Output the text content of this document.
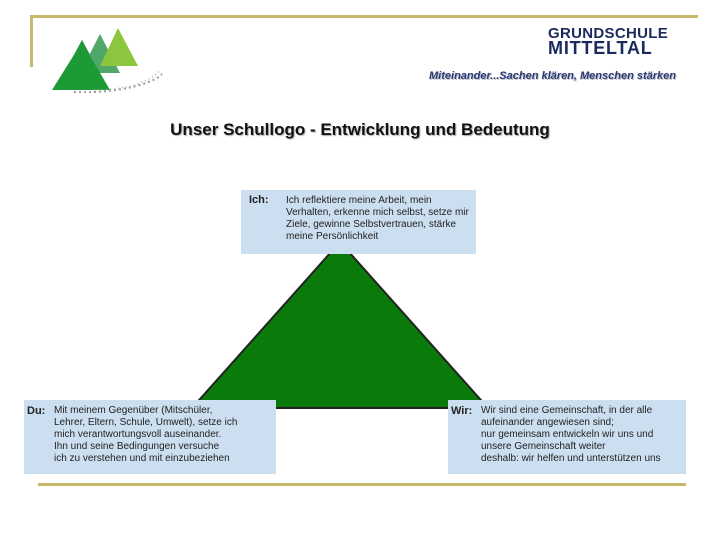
GRUNDSCHULE
MITTELTAL
Miteinander...Sachen klären, Menschen stärken
Unser Schullogo - Entwicklung und Bedeutung
Ich: Ich reflektiere meine Arbeit, mein Verhalten, erkenne mich selbst, setze mir Ziele, gewinne Selbstvertrauen, stärke meine Persönlichkeit
Du: Mit meinem Gegenüber (Mitschüler,
Lehrer, Eltern, Schule, Umwelt), setze ich
mich verantwortungsvoll auseinander.
Ihn und seine Bedingungen versuche
ich zu verstehen und mit einzubeziehen
Wir: Wir sind eine Gemeinschaft, in der alle
aufeinander angewiesen sind;
nur gemeinsam entwickeln wir uns und
unsere Gemeinschaft weiter
deshalb: wir helfen und unterstützen uns
